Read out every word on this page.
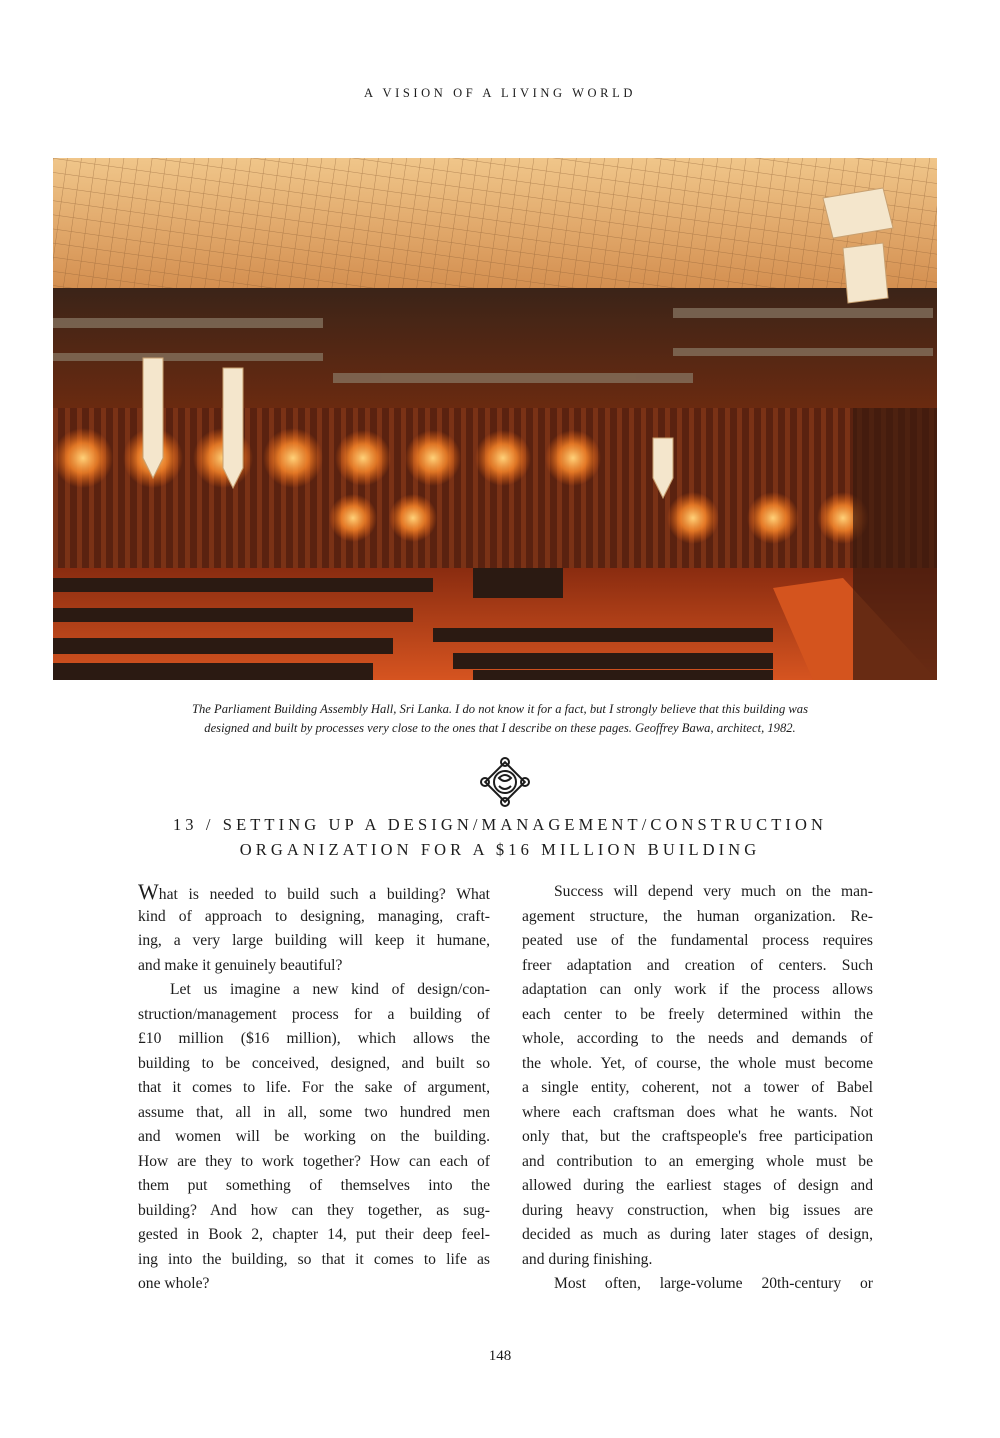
A VISION OF A LIVING WORLD
The Parliament Building Assembly Hall, Sri Lanka. I do not know it for a fact, but I strongly believe that this building was
designed and built by processes very close to the ones that I describe on these pages. Geoffrey Bawa, architect, 1982.
13 / SETTING UP A DESIGN/MANAGEMENT/CONSTRUCTION
ORGANIZATION FOR A $16 MILLION BUILDING
What is needed to build such a building? What
kind of approach to designing, managing, craft-
ing, a very large building will keep it humane,
and make it genuinely beautiful?
Let us imagine a new kind of design/con-
struction/management process for a building of
£10 million ($16 million), which allows the
building to be conceived, designed, and built so
that it comes to life. For the sake of argument,
assume that, all in all, some two hundred men
and women will be working on the building.
How are they to work together? How can each of
them put something of themselves into the
building? And how can they together, as sug-
gested in Book 2, chapter 14, put their deep feel-
ing into the building, so that it comes to life as
one whole?
Success will depend very much on the man-
agement structure, the human organization. Re-
peated use of the fundamental process requires
freer adaptation and creation of centers. Such
adaptation can only work if the process allows
each center to be freely determined within the
whole, according to the needs and demands of
the whole. Yet, of course, the whole must become
a single entity, coherent, not a tower of Babel
where each craftsman does what he wants. Not
only that, but the craftspeople's free participation
and contribution to an emerging whole must be
allowed during the earliest stages of design and
during heavy construction, when big issues are
decided as much as during later stages of design,
and during finishing.
Most often, large-volume 20th-century or
148
